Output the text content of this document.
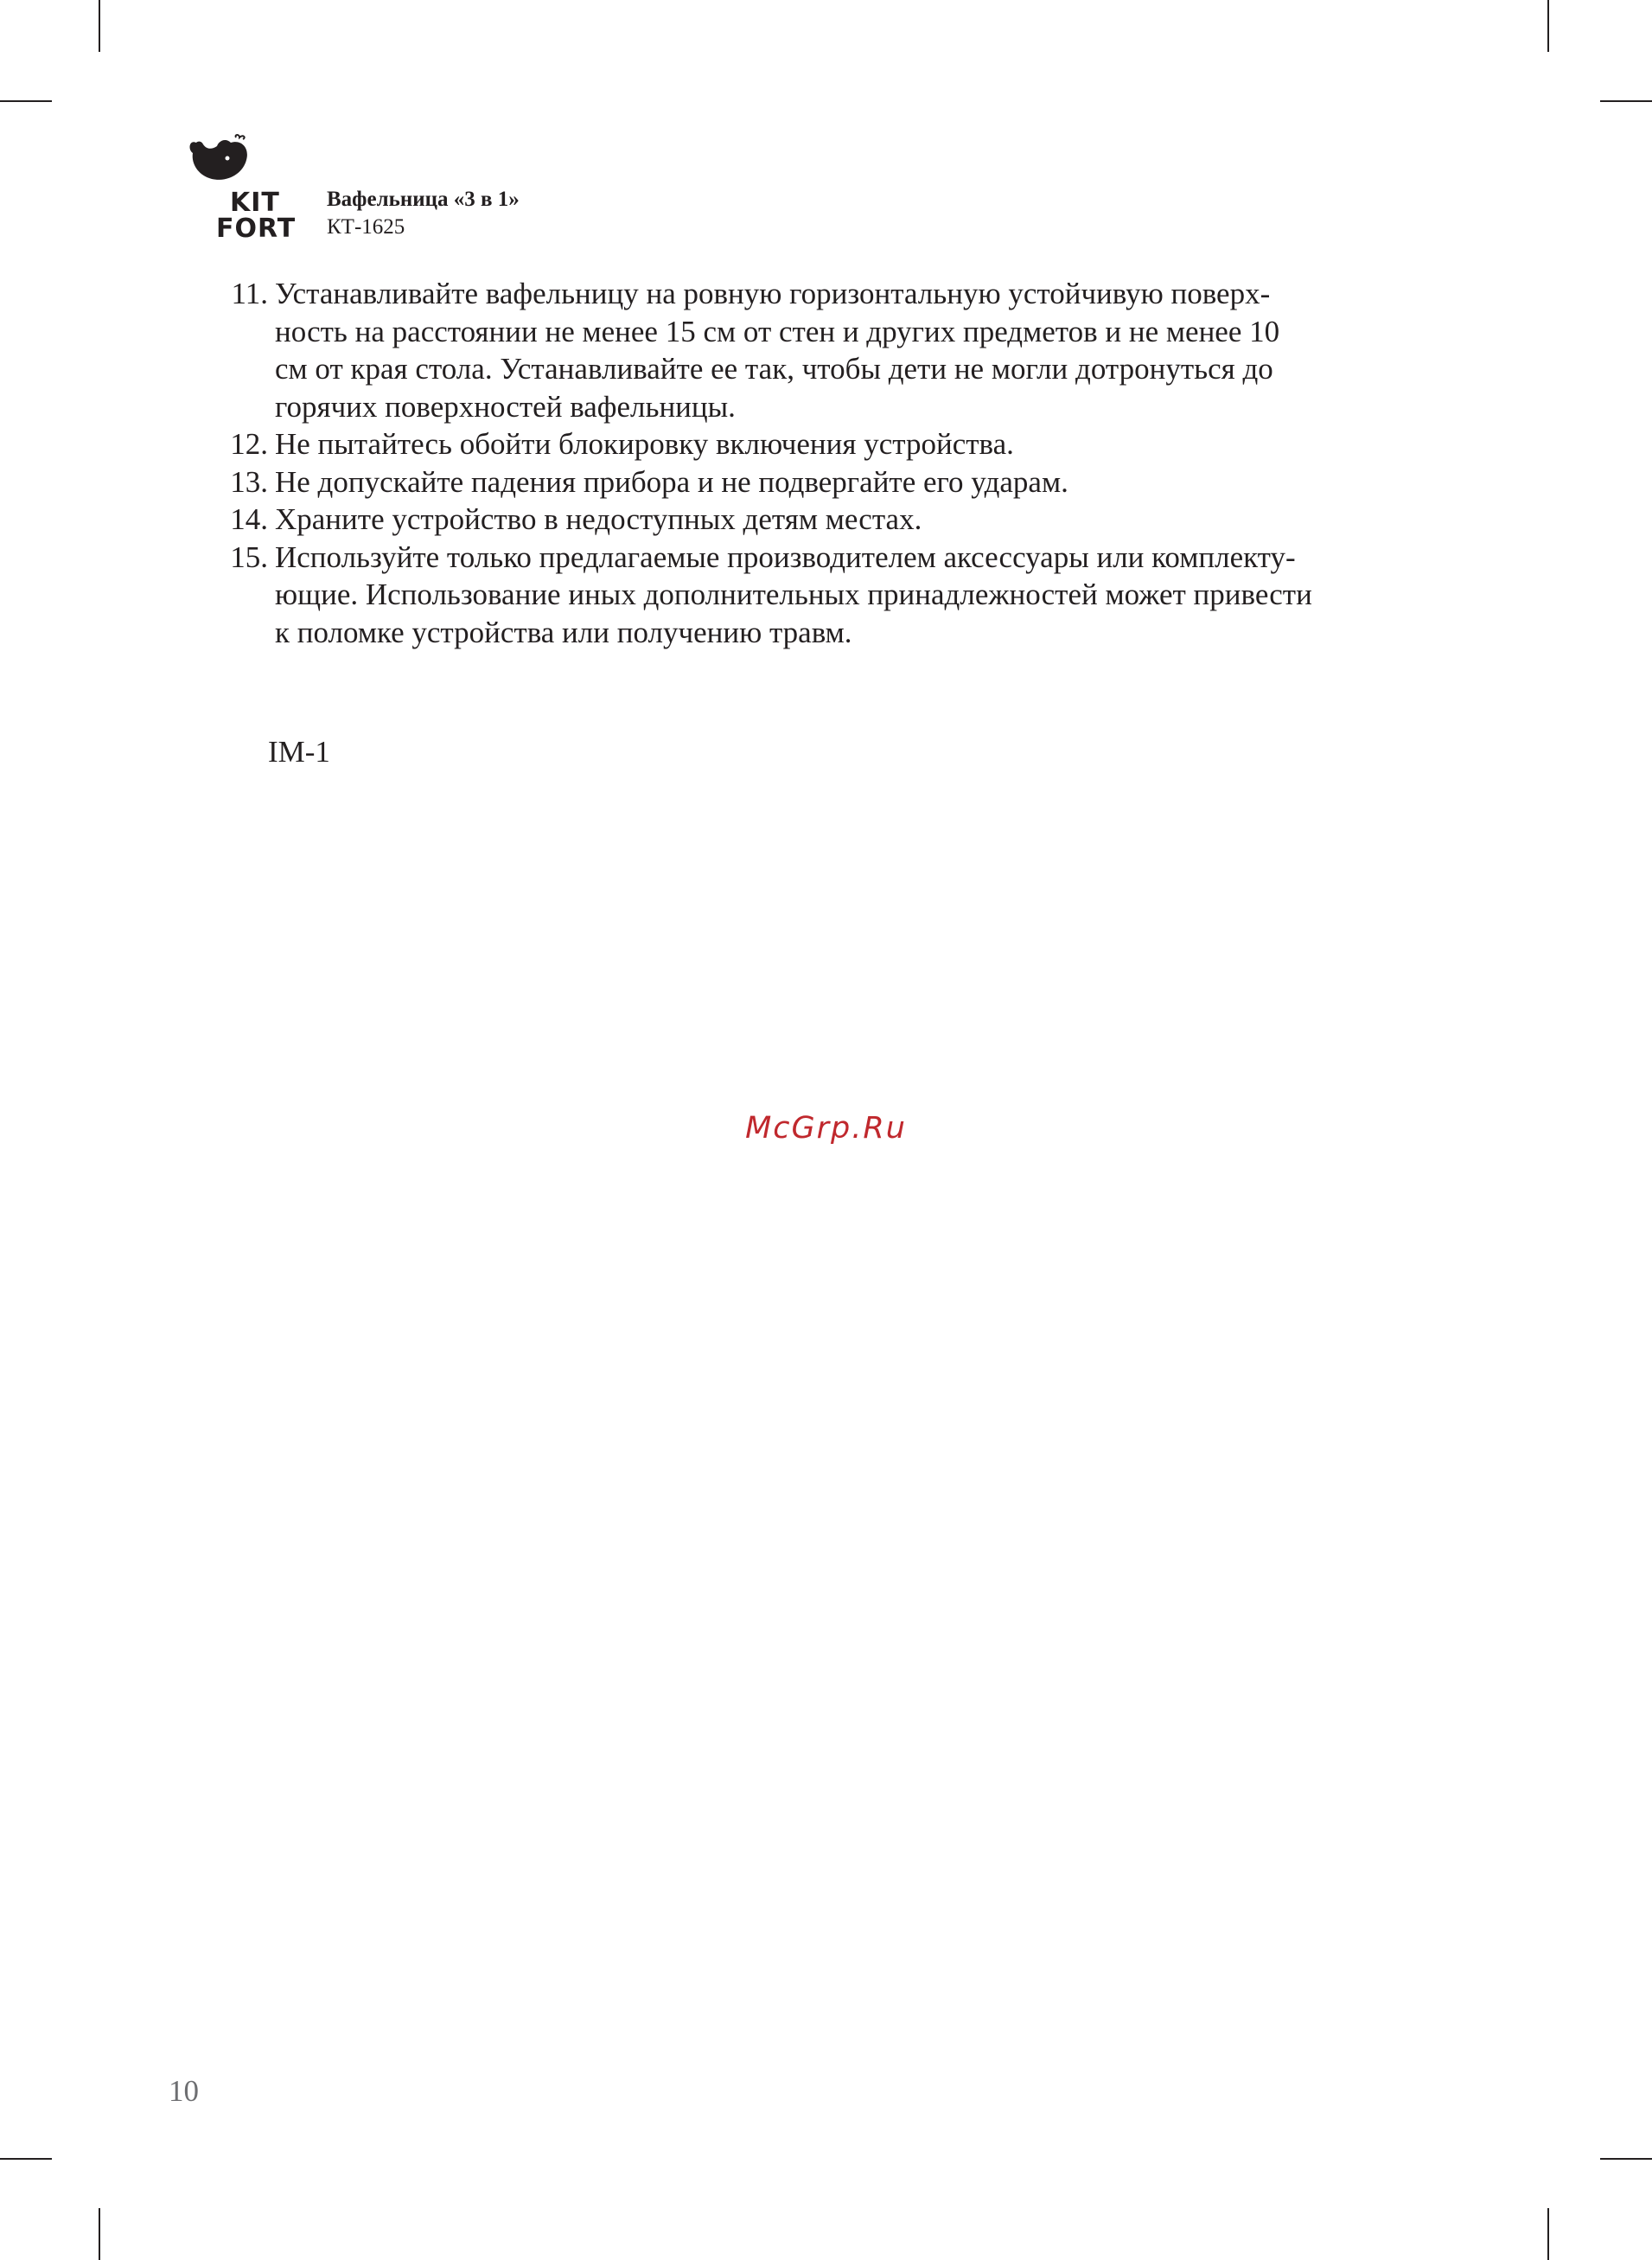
KIT
FORT
Вафельница «3 в 1»
КТ-1625
11. Устанавливайте вафельницу на ровную горизонтальную устойчивую поверх-
ность на расстоянии не менее 15 см от стен и других предметов и не менее 10
см от края стола. Устанавливайте ее так, чтобы дети не могли дотронуться до
горячих поверхностей вафельницы.
12. Не пытайтесь обойти блокировку включения устройства.
13. Не допускайте падения прибора и не подвергайте его ударам.
14. Храните устройство в недоступных детям местах.
15. Используйте только предлагаемые производителем аксессуары или комплекту-
ющие. Использование иных дополнительных принадлежностей может привести
к поломке устройства или получению травм.
IM-1
McGrp.Ru
10
